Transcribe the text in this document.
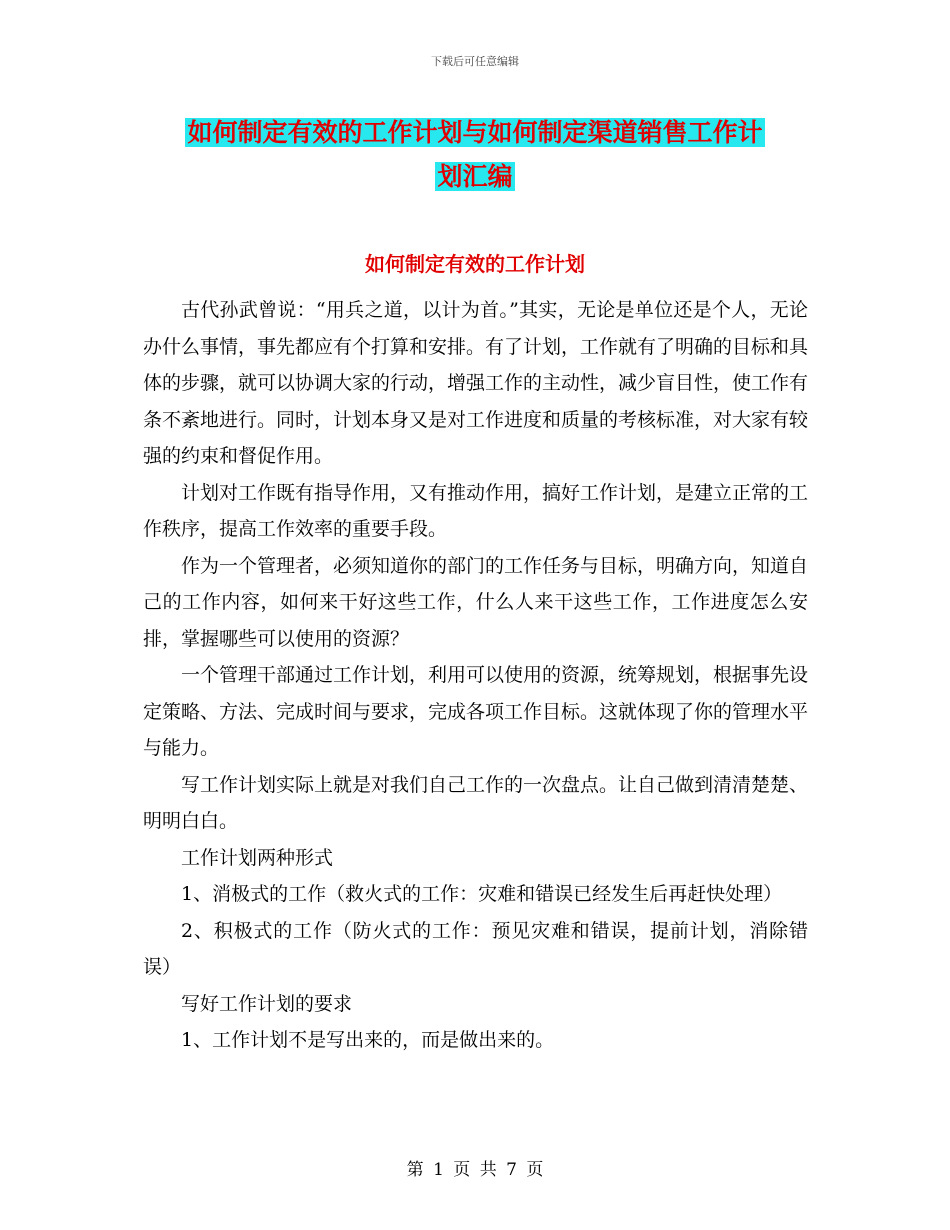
下载后可任意编辑
如何制定有效的工作计划与如何制定渠道销售工作计
划汇编
如何制定有效的工作计划

古代孙武曾说：“用兵之道，以计为首。”其实，无论是单位还是个人，无论办什么事情，事先都应有个打算和安排。有了计划，工作就有了明确的目标和具体的步骤，就可以协调大家的行动，增强工作的主动性，减少盲目性，使工作有条不紊地进行。同时，计划本身又是对工作进度和质量的考核标准，对大家有较强的约束和督促作用。

计划对工作既有指导作用，又有推动作用，搞好工作计划，是建立正常的工作秩序，提高工作效率的重要手段。

作为一个管理者，必须知道你的部门的工作任务与目标，明确方向，知道自己的工作内容，如何来干好这些工作，什么人来干这些工作，工作进度怎么安排，掌握哪些可以使用的资源？

一个管理干部通过工作计划，利用可以使用的资源，统筹规划，根据事先设定策略、方法、完成时间与要求，完成各项工作目标。这就体现了你的管理水平与能力。

写工作计划实际上就是对我们自己工作的一次盘点。让自己做到清清楚楚、明明白白。

工作计划两种形式

1、消极式的工作（救火式的工作：灾难和错误已经发生后再赶快处理）

2、积极式的工作（防火式的工作：预见灾难和错误，提前计划，消除错误）

写好工作计划的要求

1、工作计划不是写出来的，而是做出来的。

第 1 页 共 7 页
